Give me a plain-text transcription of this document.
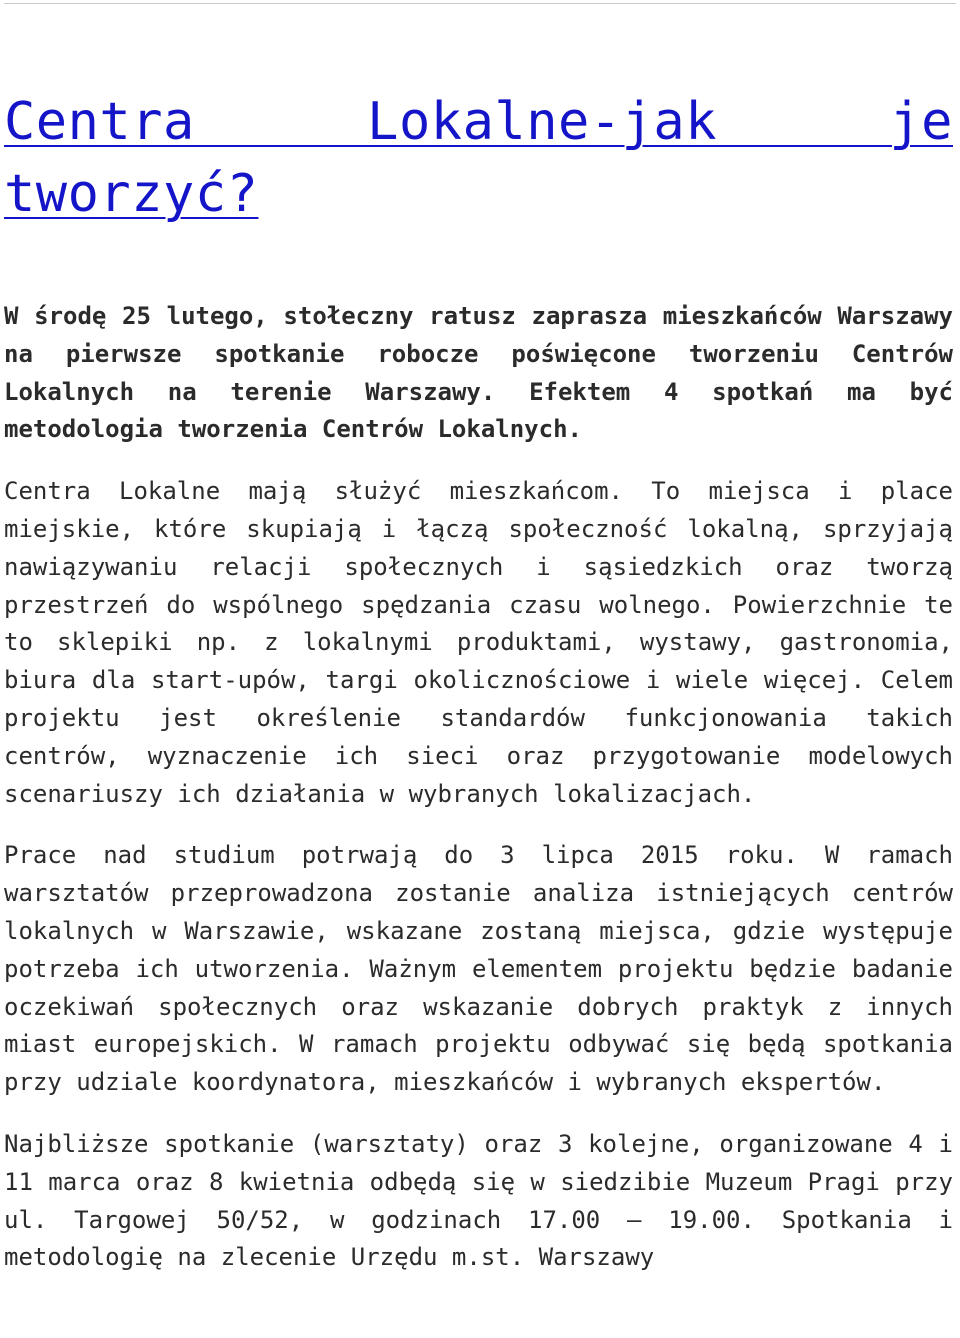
Centra Lokalne-jak je tworzyć?

W środę 25 lutego, stołeczny ratusz zaprasza mieszkańców Warszawy na pierwsze spotkanie robocze poświęcone tworzeniu Centrów Lokalnych na terenie Warszawy. Efektem 4 spotkań ma być metodologia tworzenia Centrów Lokalnych.

Centra Lokalne mają służyć mieszkańcom. To miejsca i place miejskie, które skupiają i łączą społeczność lokalną, sprzyjają nawiązywaniu relacji społecznych i sąsiedzkich oraz tworzą przestrzeń do wspólnego spędzania czasu wolnego. Powierzchnie te to sklepiki np. z lokalnymi produktami, wystawy, gastronomia, biura dla start-upów, targi okolicznościowe i wiele więcej. Celem projektu jest określenie standardów funkcjonowania takich centrów, wyznaczenie ich sieci oraz przygotowanie modelowych scenariuszy ich działania w wybranych lokalizacjach.

Prace nad studium potrwają do 3 lipca 2015 roku. W ramach warsztatów przeprowadzona zostanie analiza istniejących centrów lokalnych w Warszawie, wskazane zostaną miejsca, gdzie występuje potrzeba ich utworzenia. Ważnym elementem projektu będzie badanie oczekiwań społecznych oraz wskazanie dobrych praktyk z innych miast europejskich. W ramach projektu odbywać się będą spotkania przy udziale koordynatora, mieszkańców i wybranych ekspertów.

Najbliższe spotkanie (warsztaty) oraz 3 kolejne, organizowane 4 i 11 marca oraz 8 kwietnia odbędą się w siedzibie Muzeum Pragi przy ul. Targowej 50/52, w godzinach 17.00 – 19.00. Spotkania i metodologię na zlecenie Urzędu m.st. Warszawy
